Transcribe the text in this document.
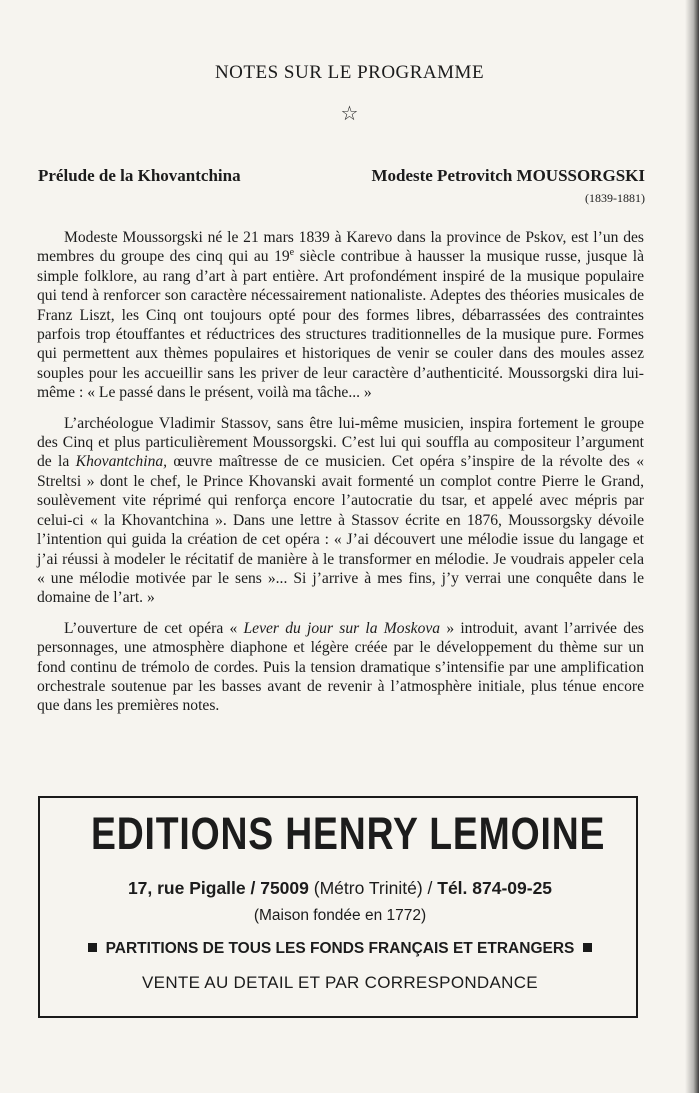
NOTES SUR LE PROGRAMME
☆
Prélude de la Khovantchina	Modeste Petrovitch MOUSSORGSKI
(1839-1881)

Modeste Moussorgski né le 21 mars 1839 à Karevo dans la province de Pskov, est l’un des membres du groupe des cinq qui au 19e siècle contribue à hausser la musique russe, jusque là simple folklore, au rang d’art à part entière. Art profondément inspiré de la musique populaire qui tend à renforcer son caractère nécessairement nationaliste. Adeptes des théories musicales de Franz Liszt, les Cinq ont toujours opté pour des formes libres, débarrassées des contraintes parfois trop étouffantes et réductrices des structures traditionnelles de la musique pure. Formes qui permettent aux thèmes populaires et historiques de venir se couler dans des moules assez souples pour les accueillir sans les priver de leur caractère d’authenticité. Moussorgski dira lui-même : « Le passé dans le présent, voilà ma tâche... »

L’archéologue Vladimir Stassov, sans être lui-même musicien, inspira fortement le groupe des Cinq et plus particulièrement Moussorgski. C’est lui qui souffla au compositeur l’argument de la Khovantchina, œuvre maîtresse de ce musicien. Cet opéra s’inspire de la révolte des « Streltsi » dont le chef, le Prince Khovanski avait formenté un complot contre Pierre le Grand, soulèvement vite réprimé qui renforça encore l’autocratie du tsar, et appelé avec mépris par celui-ci « la Khovantchina ». Dans une lettre à Stassov écrite en 1876, Moussorgsky dévoile l’intention qui guida la création de cet opéra : « J’ai découvert une mélodie issue du langage et j’ai réussi à modeler le récitatif de manière à le transformer en mélodie. Je voudrais appeler cela « une mélodie motivée par le sens »... Si j’arrive à mes fins, j’y verrai une conquête dans le domaine de l’art. »

L’ouverture de cet opéra « Lever du jour sur la Moskova » introduit, avant l’arrivée des personnages, une atmosphère diaphone et légère créée par le développement du thème sur un fond continu de trémolo de cordes. Puis la tension dramatique s’intensifie par une amplification orchestrale soutenue par les basses avant de revenir à l’atmosphère initiale, plus ténue encore que dans les premières notes.

EDITIONS HENRY LEMOINE
17, rue Pigalle / 75009 (Métro Trinité) / Tél. 874-09-25
(Maison fondée en 1772)
PARTITIONS DE TOUS LES FONDS FRANÇAIS ET ETRANGERS
VENTE AU DETAIL ET PAR CORRESPONDANCE
